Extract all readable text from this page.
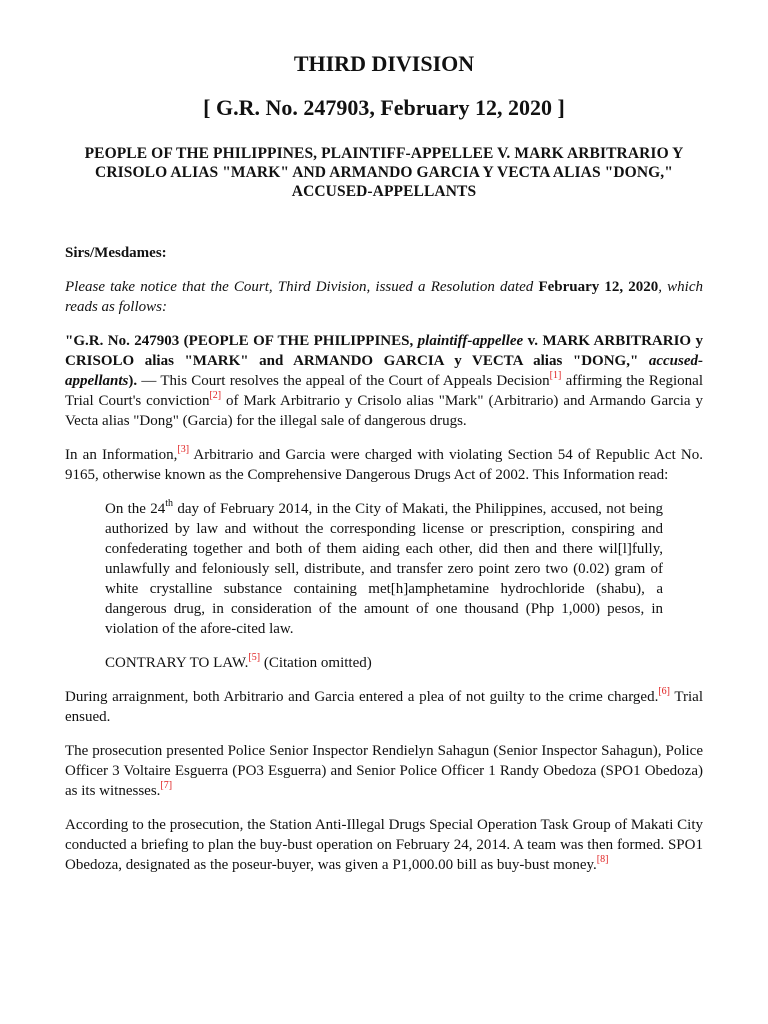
THIRD DIVISION
[ G.R. No. 247903, February 12, 2020 ]
PEOPLE OF THE PHILIPPINES, PLAINTIFF-APPELLEE V. MARK ARBITRARIO Y CRISOLO ALIAS "MARK" AND ARMANDO GARCIA Y VECTA ALIAS "DONG," ACCUSED-APPELLANTS

Sirs/Mesdames:

Please take notice that the Court, Third Division, issued a Resolution dated February 12, 2020, which reads as follows:

"G.R. No. 247903 (PEOPLE OF THE PHILIPPINES, plaintiff-appellee v. MARK ARBITRARIO y CRISOLO alias "MARK" and ARMANDO GARCIA y VECTA alias "DONG," accused-appellants). — This Court resolves the appeal of the Court of Appeals Decision[1] affirming the Regional Trial Court's conviction[2] of Mark Arbitrario y Crisolo alias "Mark" (Arbitrario) and Armando Garcia y Vecta alias "Dong" (Garcia) for the illegal sale of dangerous drugs.

In an Information,[3] Arbitrario and Garcia were charged with violating Section 54 of Republic Act No. 9165, otherwise known as the Comprehensive Dangerous Drugs Act of 2002. This Information read:

On the 24th day of February 2014, in the City of Makati, the Philippines, accused, not being authorized by law and without the corresponding license or prescription, conspiring and confederating together and both of them aiding each other, did then and there wil[l]fully, unlawfully and feloniously sell, distribute, and transfer zero point zero two (0.02) gram of white crystalline substance containing met[h]amphetamine hydrochloride (shabu), a dangerous drug, in consideration of the amount of one thousand (Php 1,000) pesos, in violation of the afore-cited law.

CONTRARY TO LAW.[5] (Citation omitted)

During arraignment, both Arbitrario and Garcia entered a plea of not guilty to the crime charged.[6] Trial ensued.

The prosecution presented Police Senior Inspector Rendielyn Sahagun (Senior Inspector Sahagun), Police Officer 3 Voltaire Esguerra (PO3 Esguerra) and Senior Police Officer 1 Randy Obedoza (SPO1 Obedoza) as its witnesses.[7]

According to the prosecution, the Station Anti-Illegal Drugs Special Operation Task Group of Makati City conducted a briefing to plan the buy-bust operation on February 24, 2014. A team was then formed. SPO1 Obedoza, designated as the poseur-buyer, was given a P1,000.00 bill as buy-bust money.[8]
